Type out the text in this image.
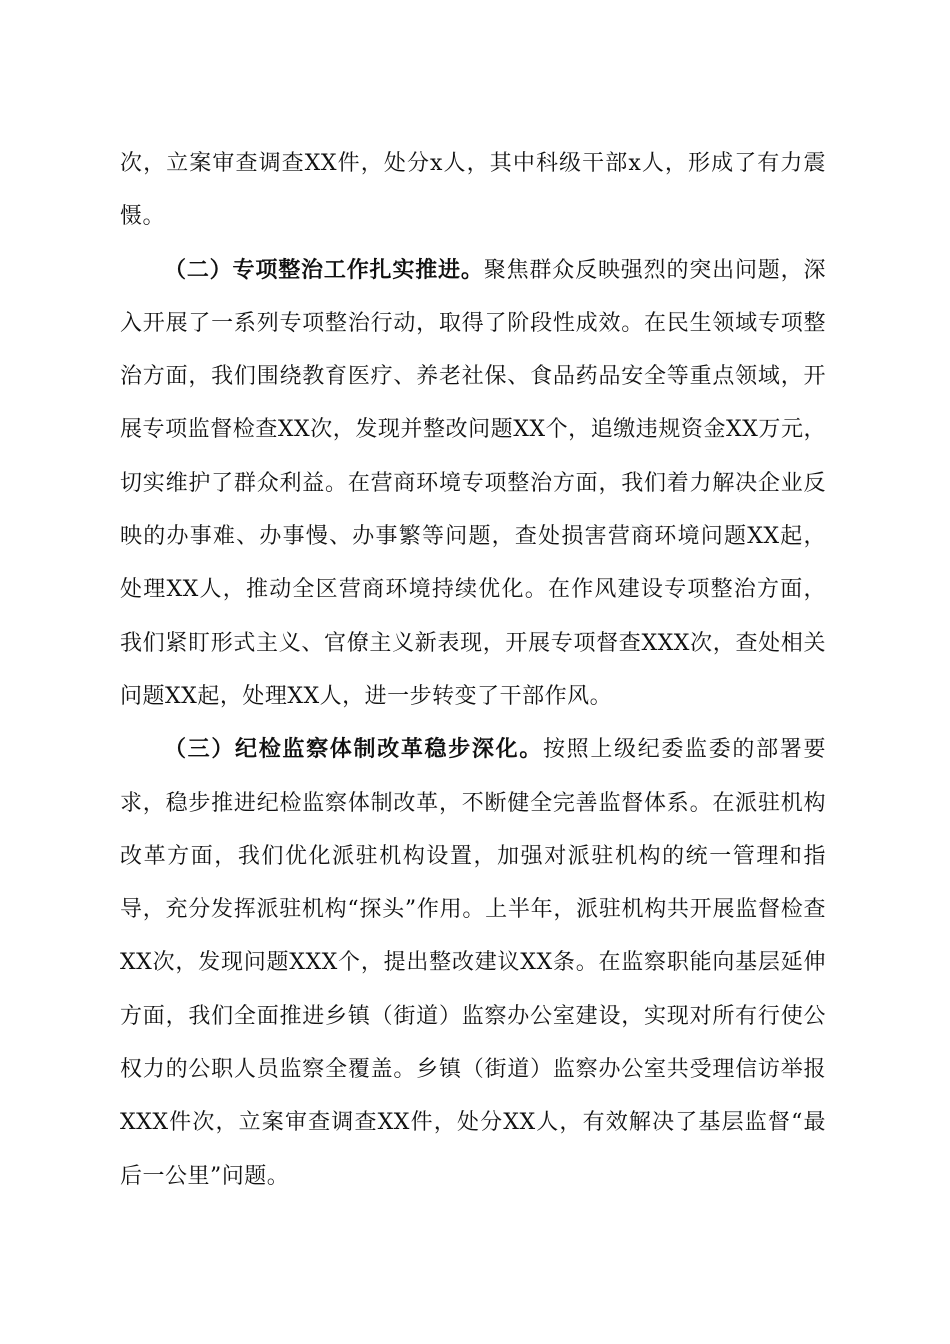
次，立案审查调查XX件，处分x人，其中科级干部x人，形成了有力震慑。

（二）专项整治工作扎实推进。聚焦群众反映强烈的突出问题，深入开展了一系列专项整治行动，取得了阶段性成效。在民生领域专项整治方面，我们围绕教育医疗、养老社保、食品药品安全等重点领域，开展专项监督检查XX次，发现并整改问题XX个，追缴违规资金XX万元，切实维护了群众利益。在营商环境专项整治方面，我们着力解决企业反映的办事难、办事慢、办事繁等问题，查处损害营商环境问题XX起，处理XX人，推动全区营商环境持续优化。在作风建设专项整治方面，我们紧盯形式主义、官僚主义新表现，开展专项督查XXX次，查处相关问题XX起，处理XX人，进一步转变了干部作风。

（三）纪检监察体制改革稳步深化。按照上级纪委监委的部署要求，稳步推进纪检监察体制改革，不断健全完善监督体系。在派驻机构改革方面，我们优化派驻机构设置，加强对派驻机构的统一管理和指导，充分发挥派驻机构“探头”作用。上半年，派驻机构共开展监督检查XX次，发现问题XXX个，提出整改建议XX条。在监察职能向基层延伸方面，我们全面推进乡镇（街道）监察办公室建设，实现对所有行使公权力的公职人员监察全覆盖。乡镇（街道）监察办公室共受理信访举报XXX件次，立案审查调查XX件，处分XX人，有效解决了基层监督“最后一公里”问题。
